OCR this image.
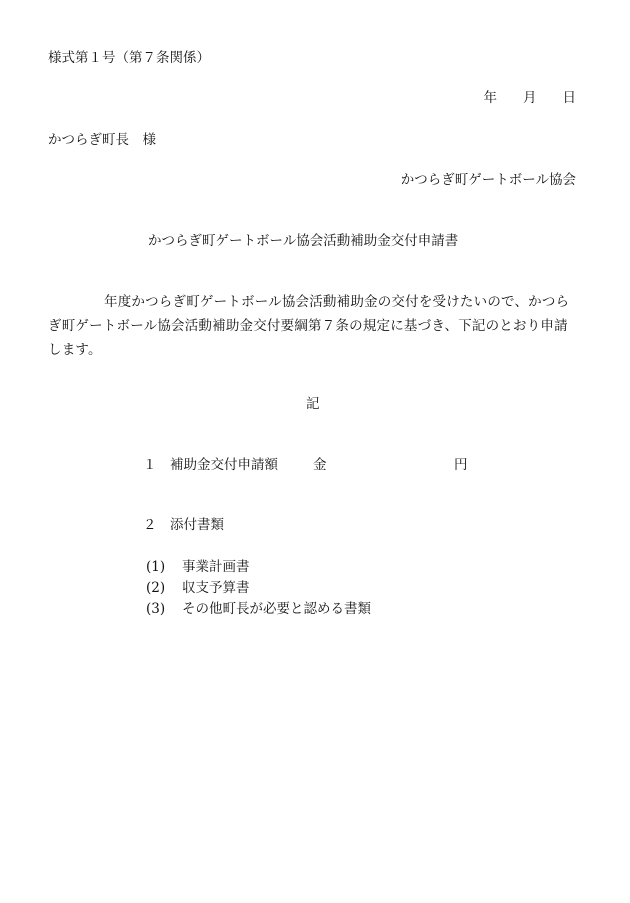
様式第１号（第７条関係）
年 月 日
かつらぎ町長　様
かつらぎ町ゲートボール協会
かつらぎ町ゲートボール協会活動補助金交付申請書
年度かつらぎ町ゲートボール協会活動補助金の交付を受けたいので、かつらぎ町ゲートボール協会活動補助金交付要綱第７条の規定に基づき、下記のとおり申請します。
記
１ 補助金交付申請額	金	円
２ 添付書類
(1)	事業計画書
(2)	収支予算書
(3)	その他町長が必要と認める書類
